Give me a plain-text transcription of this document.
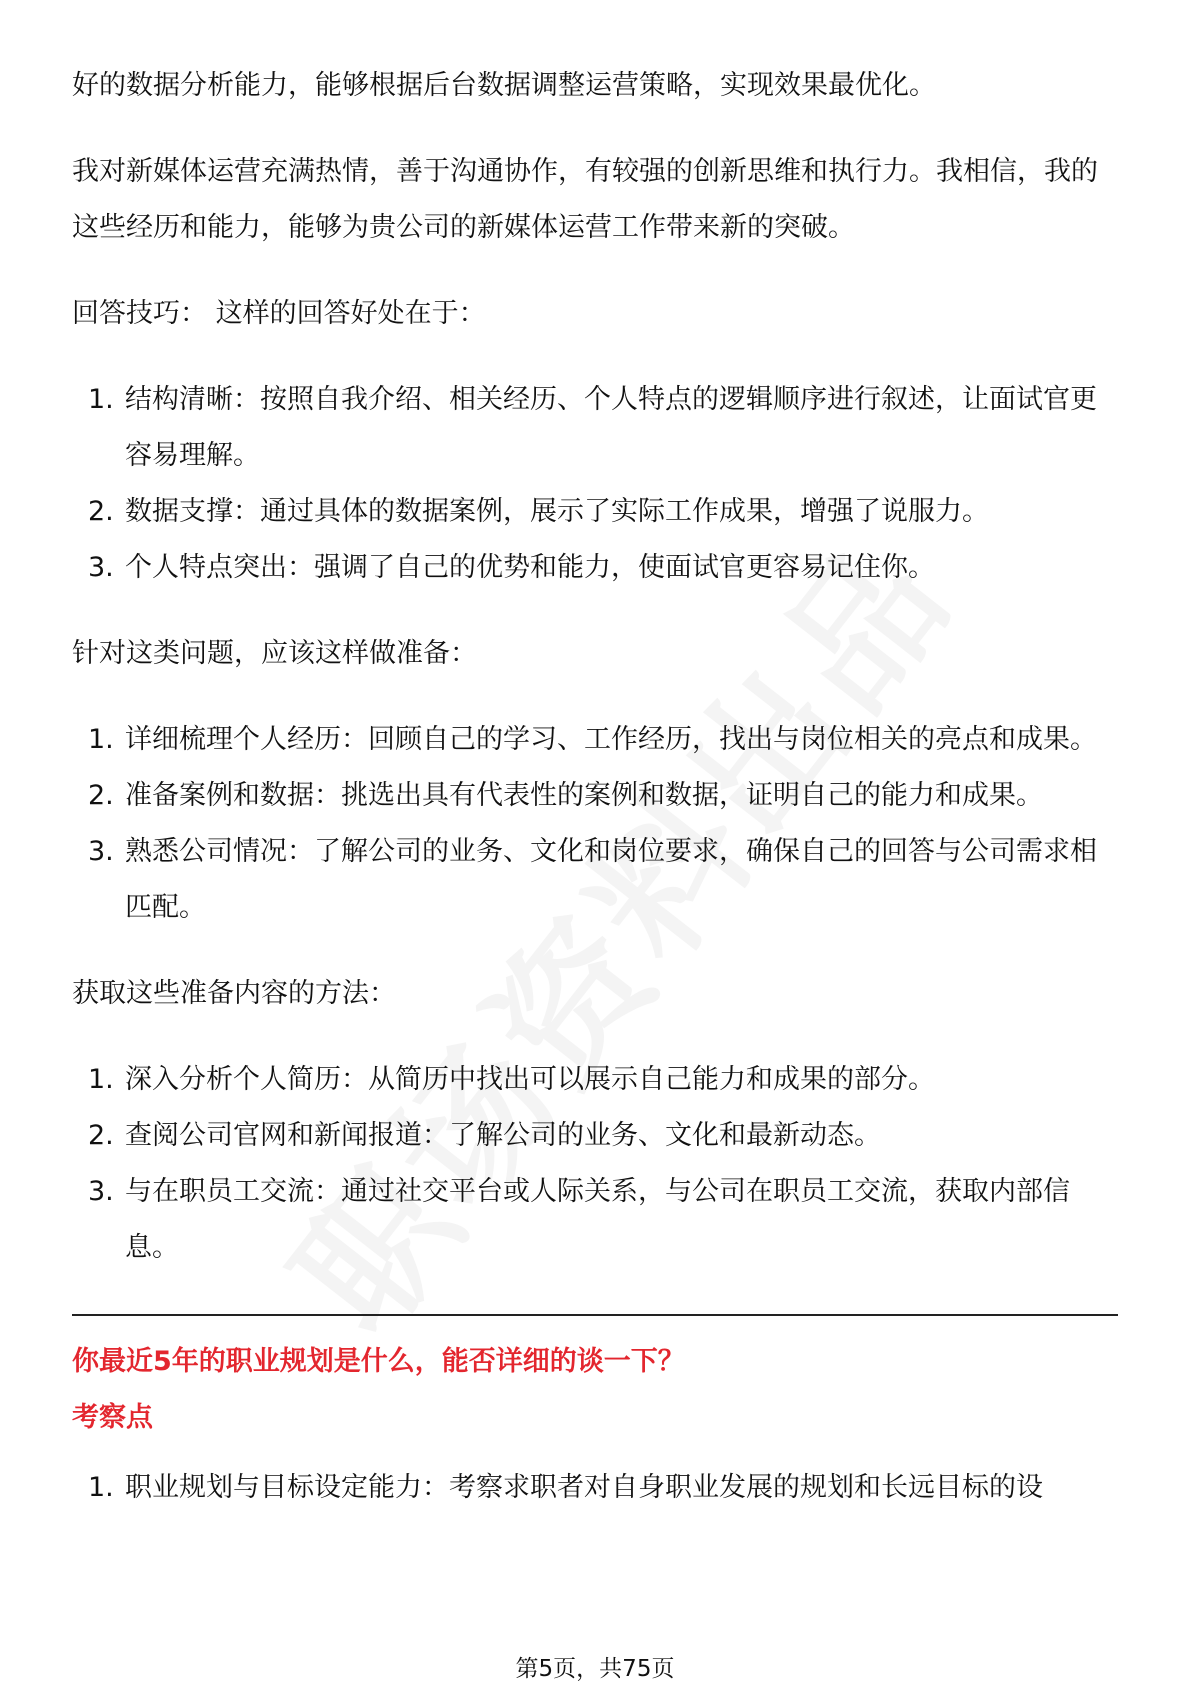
好的数据分析能力，能够根据后台数据调整运营策略，实现效果最优化。

我对新媒体运营充满热情，善于沟通协作，有较强的创新思维和执行力。我相信，我的这些经历和能力，能够为贵公司的新媒体运营工作带来新的突破。

回答技巧： 这样的回答好处在于：

1. 结构清晰：按照自我介绍、相关经历、个人特点的逻辑顺序进行叙述，让面试官更容易理解。
2. 数据支撑：通过具体的数据案例，展示了实际工作成果，增强了说服力。
3. 个人特点突出：强调了自己的优势和能力，使面试官更容易记住你。

针对这类问题，应该这样做准备：

1. 详细梳理个人经历：回顾自己的学习、工作经历，找出与岗位相关的亮点和成果。
2. 准备案例和数据：挑选出具有代表性的案例和数据，证明自己的能力和成果。
3. 熟悉公司情况：了解公司的业务、文化和岗位要求，确保自己的回答与公司需求相匹配。

获取这些准备内容的方法：

1. 深入分析个人简历：从简历中找出可以展示自己能力和成果的部分。
2. 查阅公司官网和新闻报道：了解公司的业务、文化和最新动态。
3. 与在职员工交流：通过社交平台或人际关系，与公司在职员工交流，获取内部信息。

你最近5年的职业规划是什么，能否详细的谈一下？

考察点

1. 职业规划与目标设定能力：考察求职者对自身职业发展的规划和长远目标的设
第5页，共75页
